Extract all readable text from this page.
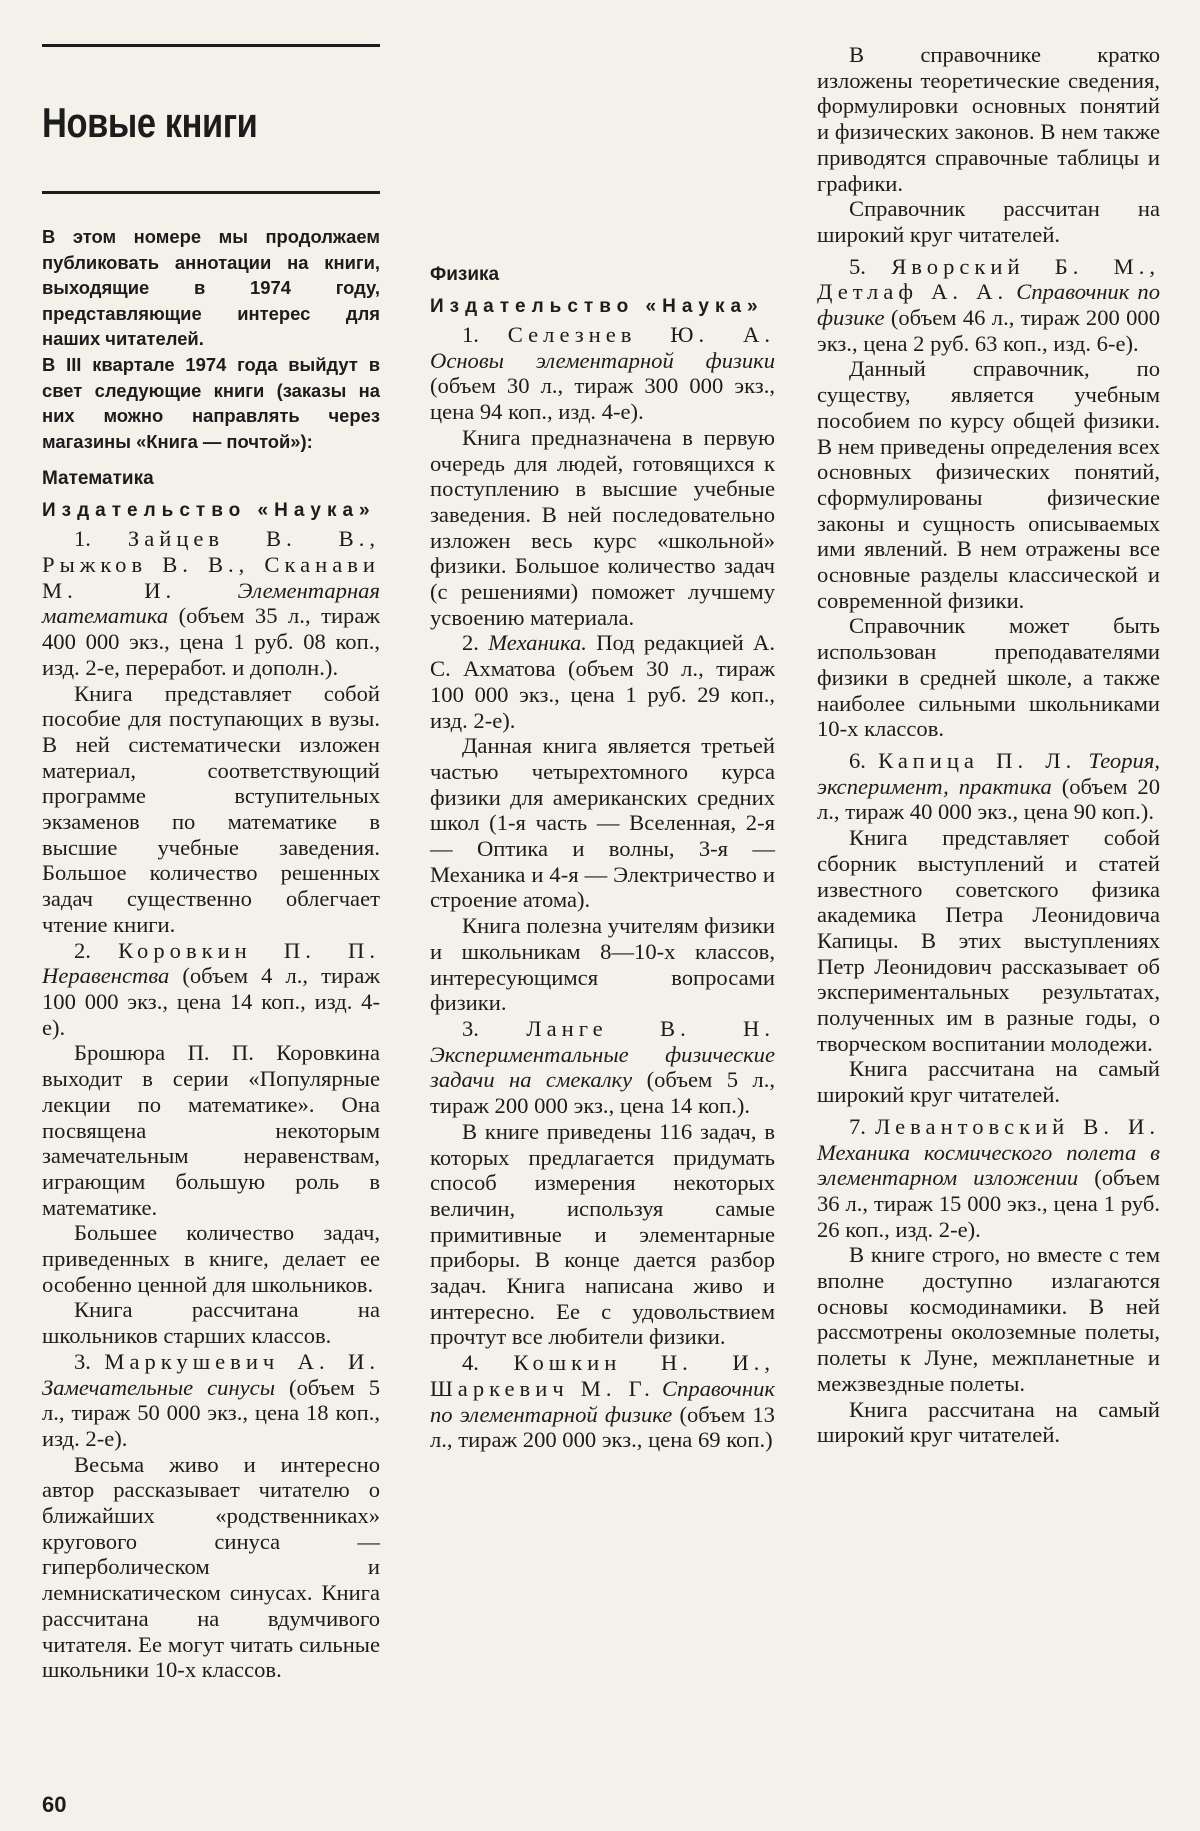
Новые книги

В этом номере мы продолжаем публиковать аннотации на книги, выходящие в 1974 году, представляющие интерес для наших читателей.

В III квартале 1974 года выйдут в свет следующие книги (заказы на них можно направлять через магазины «Книга — почтой»):

Математика
Издательство «Наука»

1. Зайцев В. В., Рыжков В. В., Сканави М. И.	Элементарная математика (объем 35 л., тираж 400 000 экз., цена 1 руб. 08 коп., изд. 2-е, переработ. и дополн.).

Книга представляет собой пособие для поступающих в вузы. В ней систематически изложен материал, соответствующий программе вступительных экзаменов по математике в высшие учебные заведения. Большое количество решенных задач существенно облегчает чтение книги.

2. Коровкин П. П. Неравенства (объем 4 л., тираж 100 000 экз., цена 14 коп., изд. 4-е).

Брошюра П. П. Коровкина выходит в серии «Популярные лекции по математике». Она посвящена некоторым замечательным неравенствам, играющим большую роль в математике.

Большее количество задач, приведенных в книге, делает ее особенно ценной для школьников.

Книга рассчитана на школьников старших классов.

3. Маркушевич А. И. Замечательные синусы (объем 5 л., тираж 50 000 экз., цена 18 коп., изд. 2-е).

Весьма живо и интересно автор рассказывает читателю о ближайших «родственниках» кругового синуса — гиперболическом и лемнискатическом синусах. Книга рассчитана на вдумчивого читателя. Ее могут читать сильные школьники 10-х классов.

Физика
Издательство «Наука»

1. Селезнев Ю. А. Основы элементарной физики (объем 30 л., тираж 300 000 экз., цена 94 коп., изд. 4-е).

Книга предназначена в первую очередь для людей, готовящихся к поступлению в высшие учебные заведения. В ней последовательно изложен весь курс «школьной» физики. Большое количество задач (с решениями) поможет лучшему усвоению материала.

2. Механика. Под редакцией А. С. Ахматова (объем 30 л., тираж 100 000 экз., цена 1 руб. 29 коп., изд. 2-е).

Данная книга является третьей частью четырехтомного курса физики для американских средних школ (1-я часть — Вселенная, 2-я — Оптика и волны, 3-я — Механика и 4-я — Электричество и строение атома).

Книга полезна учителям физики и школьникам 8—10-х классов, интересующимся вопросами физики.

3. Ланге В. Н. Экспериментальные физические задачи на смекалку (объем 5 л., тираж 200 000 экз., цена 14 коп.).

В книге приведены 116 задач, в которых предлагается придумать способ измерения некоторых величин, используя самые примитивные и элементарные приборы. В конце дается разбор задач. Книга написана живо и интересно. Ее с удовольствием прочтут все любители физики.

4. Кошкин Н. И., Шаркевич М. Г. Справочник по элементарной физике (объем 13 л., тираж 200 000 экз., цена 69 коп.)

В справочнике кратко изложены теоретические сведения, формулировки основных понятий и физических законов. В нем также приводятся справочные таблицы и графики.

Справочник рассчитан на широкий круг читателей.

5. Яворский Б. М., Детлаф А. А. Справочник по физике (объем 46 л., тираж 200 000 экз., цена 2 руб. 63 коп., изд. 6-е).

Данный справочник, по существу, является учебным пособием по курсу общей физики. В нем приведены определения всех основных физических понятий, сформулированы физические законы и сущность описываемых ими явлений. В нем отражены все основные разделы классической и современной физики.

Справочник может быть использован преподавателями физики в средней школе, а также наиболее сильными школьниками 10-х классов.

6. Капица П. Л. Теория, эксперимент, практика (объем 20 л., тираж 40 000 экз., цена 90 коп.).

Книга представляет собой сборник выступлений и статей известного советского физика академика Петра Леонидовича Капицы. В этих выступлениях Петр Леонидович рассказывает об экспериментальных результатах, полученных им в разные годы, о творческом воспитании молодежи.

Книга рассчитана на самый широкий круг читателей.

7. Левантовский В. И. Механика космического полета в элементарном изложении (объем 36 л., тираж 15 000 экз., цена 1 руб. 26 коп., изд. 2-е).

В книге строго, но вместе с тем вполне доступно излагаются основы космодинамики. В ней рассмотрены околоземные полеты, полеты к Луне, межпланетные и межзвездные полеты.

Книга рассчитана на самый широкий круг читателей.

60
